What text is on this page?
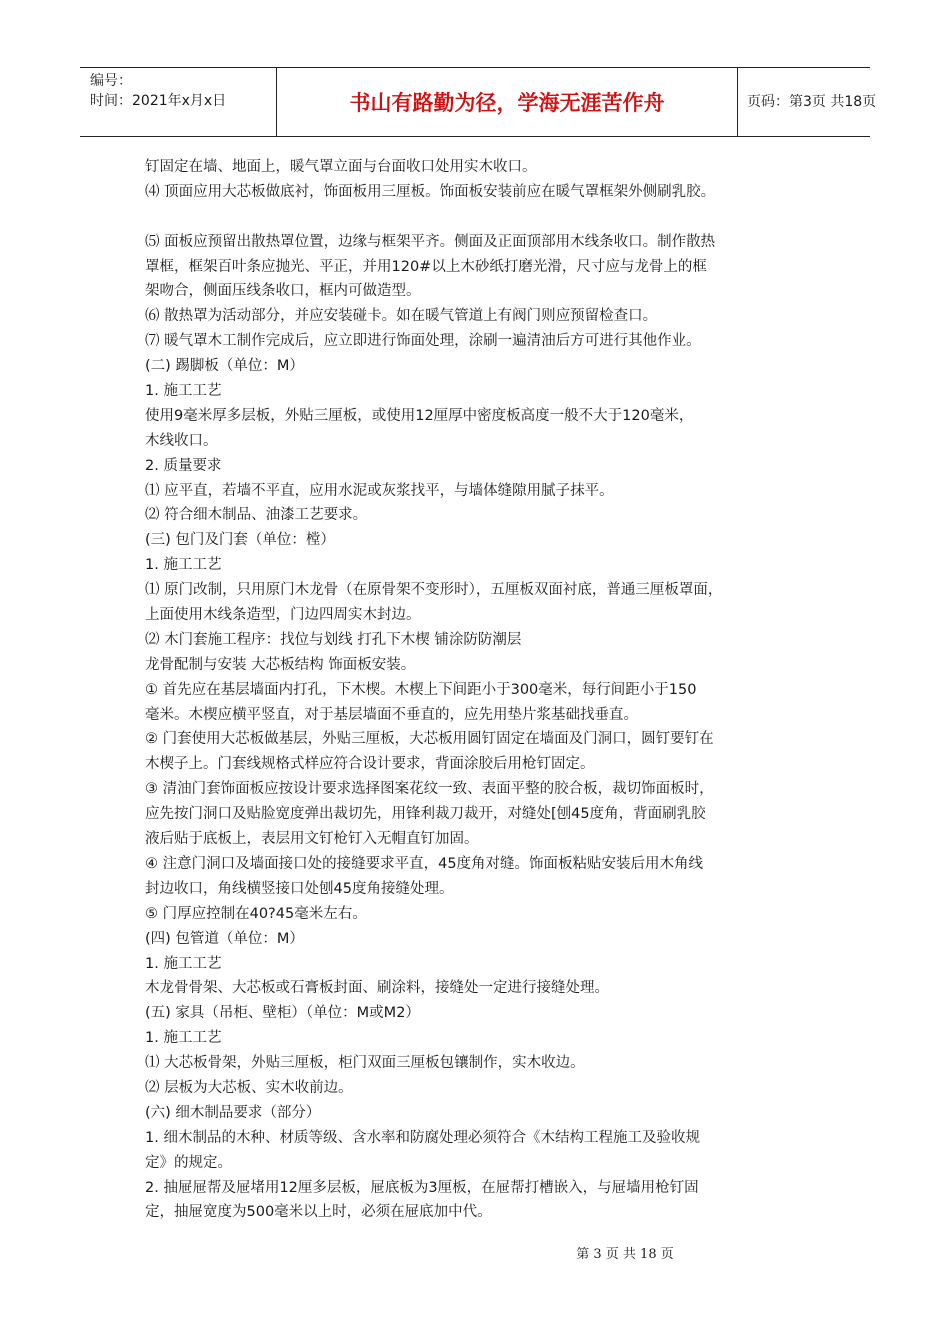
编号：
时间：2021年x月x日	书山有路勤为径，学海无涯苦作舟	页码：第3页 共18页
钉固定在墙、地面上，暖气罩立面与台面收口处用实木收口。
⑷ 顶面应用大芯板做底衬，饰面板用三厘板。饰面板安装前应在暖气罩框架外侧刷乳胶。
⑸ 面板应预留出散热罩位置，边缘与框架平齐。侧面及正面顶部用木线条收口。制作散热
罩框，框架百叶条应抛光、平正，并用120#以上木砂纸打磨光滑，尺寸应与龙骨上的框
架吻合，侧面压线条收口，框内可做造型。
⑹ 散热罩为活动部分，并应安装碰卡。如在暖气管道上有阀门则应预留检查口。
⑺ 暖气罩木工制作完成后，应立即进行饰面处理，涂刷一遍清油后方可进行其他作业。
(二) 踢脚板（单位：M）
1. 施工工艺
使用9毫米厚多层板，外贴三厘板，或使用12厘厚中密度板高度一般不大于120毫米，
木线收口。
2. 质量要求
⑴ 应平直，若墙不平直，应用水泥或灰浆找平，与墙体缝隙用腻子抹平。
⑵ 符合细木制品、油漆工艺要求。
(三) 包门及门套（单位：樘）
1. 施工工艺
⑴ 原门改制，只用原门木龙骨（在原骨架不变形时），五厘板双面衬底，普通三厘板罩面，
上面使用木线条造型，门边四周实木封边。
⑵ 木门套施工程序：找位与划线 打孔下木楔 铺涂防防潮层
龙骨配制与安装 大芯板结构 饰面板安装。
① 首先应在基层墙面内打孔，下木楔。木楔上下间距小于300毫米，每行间距小于150
毫米。木楔应横平竖直，对于基层墙面不垂直的，应先用垫片浆基础找垂直。
② 门套使用大芯板做基层，外贴三厘板，大芯板用圆钉固定在墙面及门洞口，圆钉要钉在
木楔子上。门套线规格式样应符合设计要求，背面涂胶后用枪钉固定。
③ 清油门套饰面板应按设计要求选择图案花纹一致、表面平整的胶合板，裁切饰面板时，
应先按门洞口及贴脸宽度弹出裁切先，用锋利裁刀裁开，对缝处[刨45度角，背面刷乳胶
液后贴于底板上，表层用文钉枪钉入无帽直钉加固。
④ 注意门洞口及墙面接口处的接缝要求平直，45度角对缝。饰面板粘贴安装后用木角线
封边收口，角线横竖接口处刨45度角接缝处理。
⑤ 门厚应控制在40?45毫米左右。
(四) 包管道（单位：M）
1. 施工工艺
木龙骨骨架、大芯板或石膏板封面、刷涂料，接缝处一定进行接缝处理。
(五) 家具（吊柜、壁柜）（单位：M或M2）
1. 施工工艺
⑴ 大芯板骨架，外贴三厘板，柜门双面三厘板包镶制作，实木收边。
⑵ 层板为大芯板、实木收前边。
(六) 细木制品要求（部分）
1. 细木制品的木种、材质等级、含水率和防腐处理必须符合《木结构工程施工及验收规
定》的规定。
2. 抽屉屉帮及屉堵用12厘多层板，屉底板为3厘板，在屉帮打槽嵌入，与屉墙用枪钉固
定，抽屉宽度为500毫米以上时，必须在屉底加中代。
第 3 页 共 18 页
